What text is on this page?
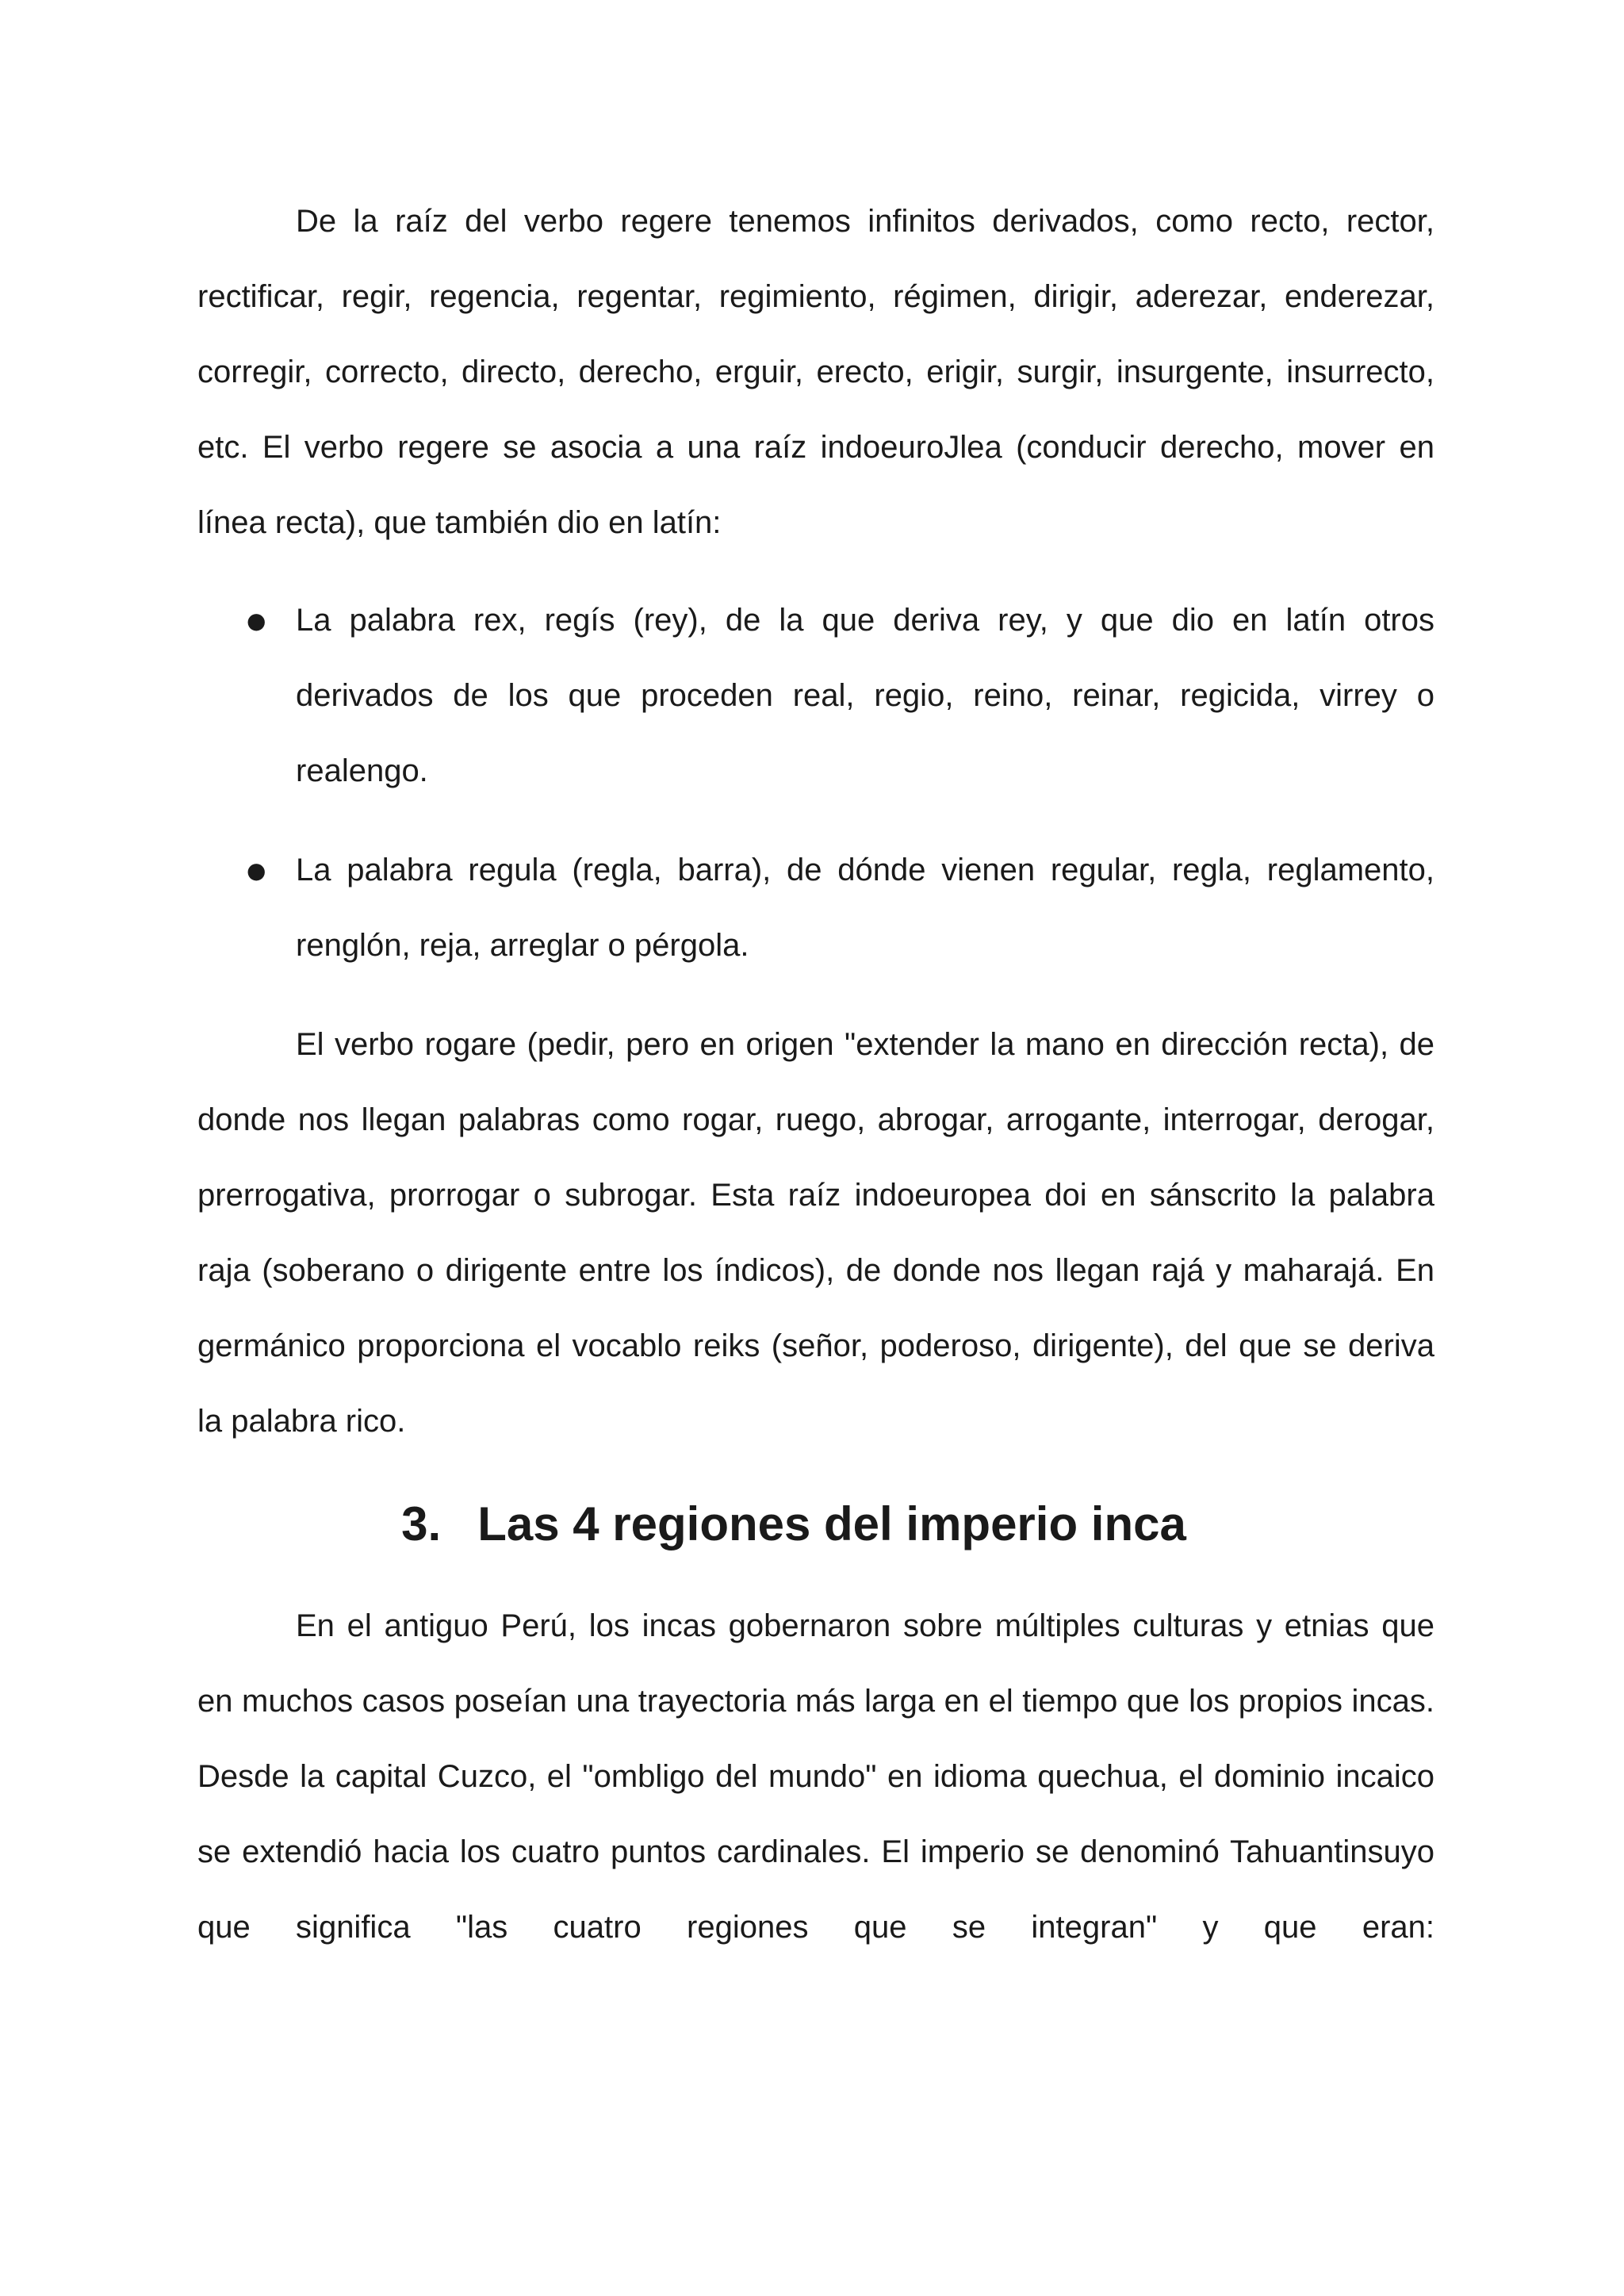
De la raíz del verbo regere tenemos infinitos derivados, como recto, rector, rectificar, regir, regencia, regentar, regimiento, régimen, dirigir, aderezar, enderezar, corregir, correcto, directo, derecho, erguir, erecto, erigir, surgir, insurgente, insurrecto, etc. El verbo regere se asocia a una raíz indoeuroJlea (conducir derecho, mover en línea recta), que también dio en latín:

● La palabra rex, regís (rey), de la que deriva rey, y que dio en latín otros derivados de los que proceden real, regio, reino, reinar, regicida, virrey o realengo.
● La palabra regula (regla, barra), de dónde vienen regular, regla, reglamento, renglón, reja, arreglar o pérgola.

El verbo rogare (pedir, pero en origen "extender la mano en dirección recta), de donde nos llegan palabras como rogar, ruego, abrogar, arrogante, interrogar, derogar, prerrogativa, prorrogar o subrogar. Esta raíz indoeuropea doi en sánscrito la palabra raja (soberano o dirigente entre los índicos), de donde nos llegan rajá y maharajá. En germánico proporciona el vocablo reiks (señor, poderoso, dirigente), del que se deriva la palabra rico.

3. Las 4 regiones del imperio inca

En el antiguo Perú, los incas gobernaron sobre múltiples culturas y etnias que en muchos casos poseían una trayectoria más larga en el tiempo que los propios incas. Desde la capital Cuzco, el "ombligo del mundo" en idioma quechua, el dominio incaico se extendió hacia los cuatro puntos cardinales. El imperio se denominó Tahuantinsuyo que significa "las cuatro regiones que se integran" y que eran:
